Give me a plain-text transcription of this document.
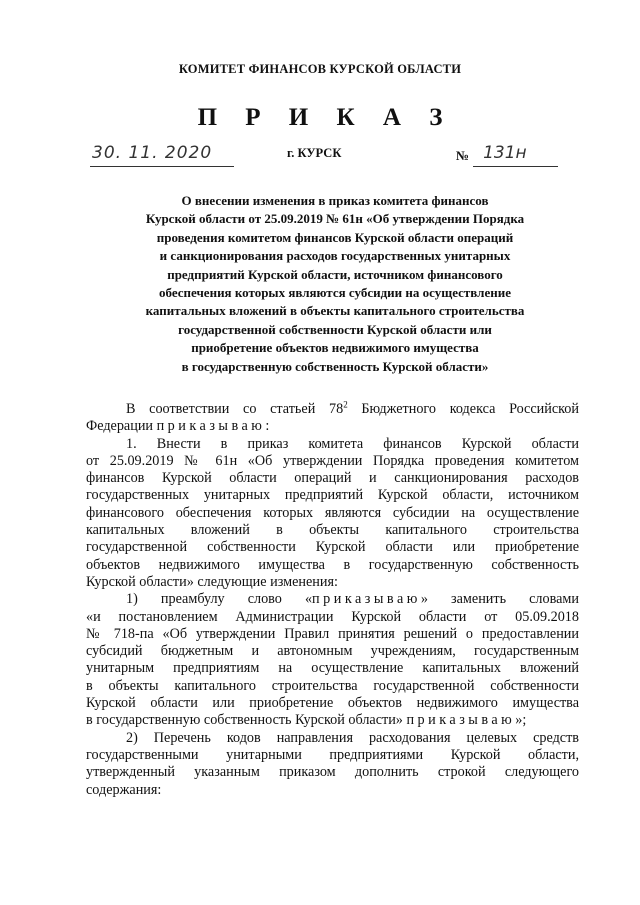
КОМИТЕТ ФИНАНСОВ КУРСКОЙ ОБЛАСТИ
П Р И К А З
30. 11. 2020	г. КУРСК	№ 131н
О внесении изменения в приказ комитета финансов
Курской области от 25.09.2019 № 61н «Об утверждении Порядка
проведения комитетом финансов Курской области операций
и санкционирования расходов государственных унитарных
предприятий Курской области, источником финансового
обеспечения которых являются субсидии на осуществление
капитальных вложений в объекты капитального строительства
государственной собственности Курской области или
приобретение объектов недвижимого имущества
в государственную собственность Курской области»
В соответствии со статьей $78^2$ Бюджетного кодекса Российской
Федерации приказываю:
1. Внести в приказ комитета финансов Курской области
от 25.09.2019 № 61н «Об утверждении Порядка проведения комитетом
финансов Курской области операций и санкционирования расходов
государственных унитарных предприятий Курской области, источником
финансового обеспечения которых являются субсидии на осуществление
капитальных вложений в объекты капитального строительства
государственной собственности Курской области или приобретение
объектов недвижимого имущества в государственную собственность
Курской области» следующие изменения:
1) преамбулу слово «приказываю» заменить словами
«и постановлением Администрации Курской области от 05.09.2018
№ 718-па «Об утверждении Правил принятия решений о предоставлении
субсидий бюджетным и автономным учреждениям, государственным
унитарным предприятиям на осуществление капитальных вложений
в объекты капитального строительства государственной собственности
Курской области или приобретение объектов недвижимого имущества
в государственную собственность Курской области» приказываю»;
2) Перечень кодов направления расходования целевых средств
государственными унитарными предприятиями Курской области,
утвержденный указанным приказом дополнить строкой следующего
содержания:
